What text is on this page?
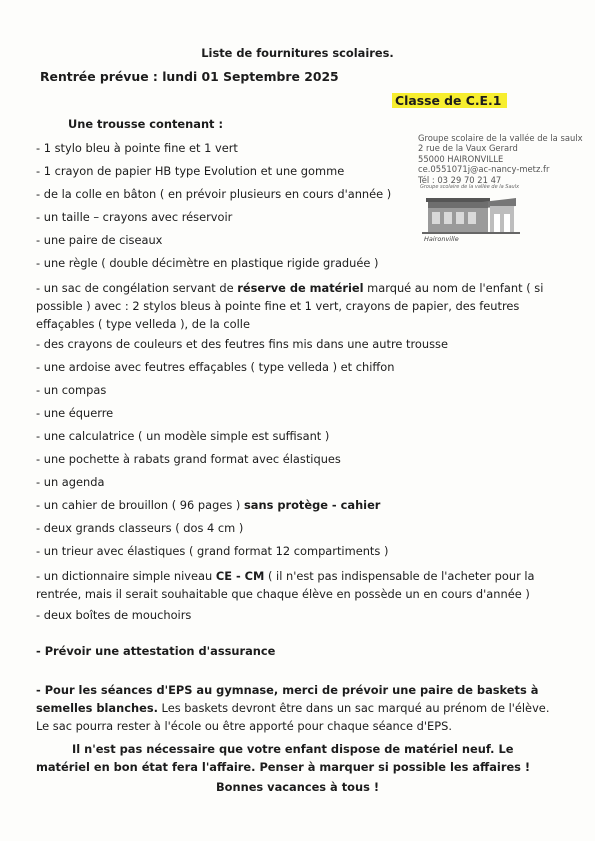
Liste de fournitures scolaires.
Rentrée prévue : lundi 01 Septembre 2025
Classe de C.E.1
Une trousse contenant :
Groupe scolaire de la vallée de la saulx
2 rue de la Vaux Gerard
55000 HAIRONVILLE
ce.0551071j@ac-nancy-metz.fr
Tél : 03 29 70 21 47
Groupe scolaire de la vallée de la Saulx
Haironville
- 1 stylo bleu à pointe fine et 1 vert
- 1 crayon de papier HB type Evolution et une gomme
- de la colle en bâton ( en prévoir plusieurs en cours d'année )
- un taille – crayons avec réservoir
- une paire de ciseaux
- une règle ( double décimètre en plastique rigide graduée )
- un sac de congélation servant de réserve de matériel marqué au nom de l'enfant ( si possible ) avec : 2 stylos bleus à pointe fine et 1 vert, crayons de papier, des feutres effaçables ( type velleda ), de la colle
- des crayons de couleurs et des feutres fins mis dans une autre trousse
- une ardoise avec feutres effaçables ( type velleda ) et chiffon
- un compas
- une équerre
- une calculatrice ( un modèle simple est suffisant )
- une pochette à rabats grand format avec élastiques
- un agenda
- un cahier de brouillon ( 96 pages ) sans protège - cahier
- deux grands classeurs ( dos 4 cm )
- un trieur avec élastiques ( grand format 12 compartiments )
- un dictionnaire simple niveau CE - CM ( il n'est pas indispensable de l'acheter pour la rentrée, mais il serait souhaitable que chaque élève en possède un en cours d'année )
- deux boîtes de mouchoirs
- Prévoir une attestation d'assurance
- Pour les séances d'EPS au gymnase, merci de prévoir une paire de baskets à semelles blanches. Les baskets devront être dans un sac marqué au prénom de l'élève. Le sac pourra rester à l'école ou être apporté pour chaque séance d'EPS.
Il n'est pas nécessaire que votre enfant dispose de matériel neuf. Le matériel en bon état fera l'affaire. Penser à marquer si possible les affaires !
Bonnes vacances à tous !
